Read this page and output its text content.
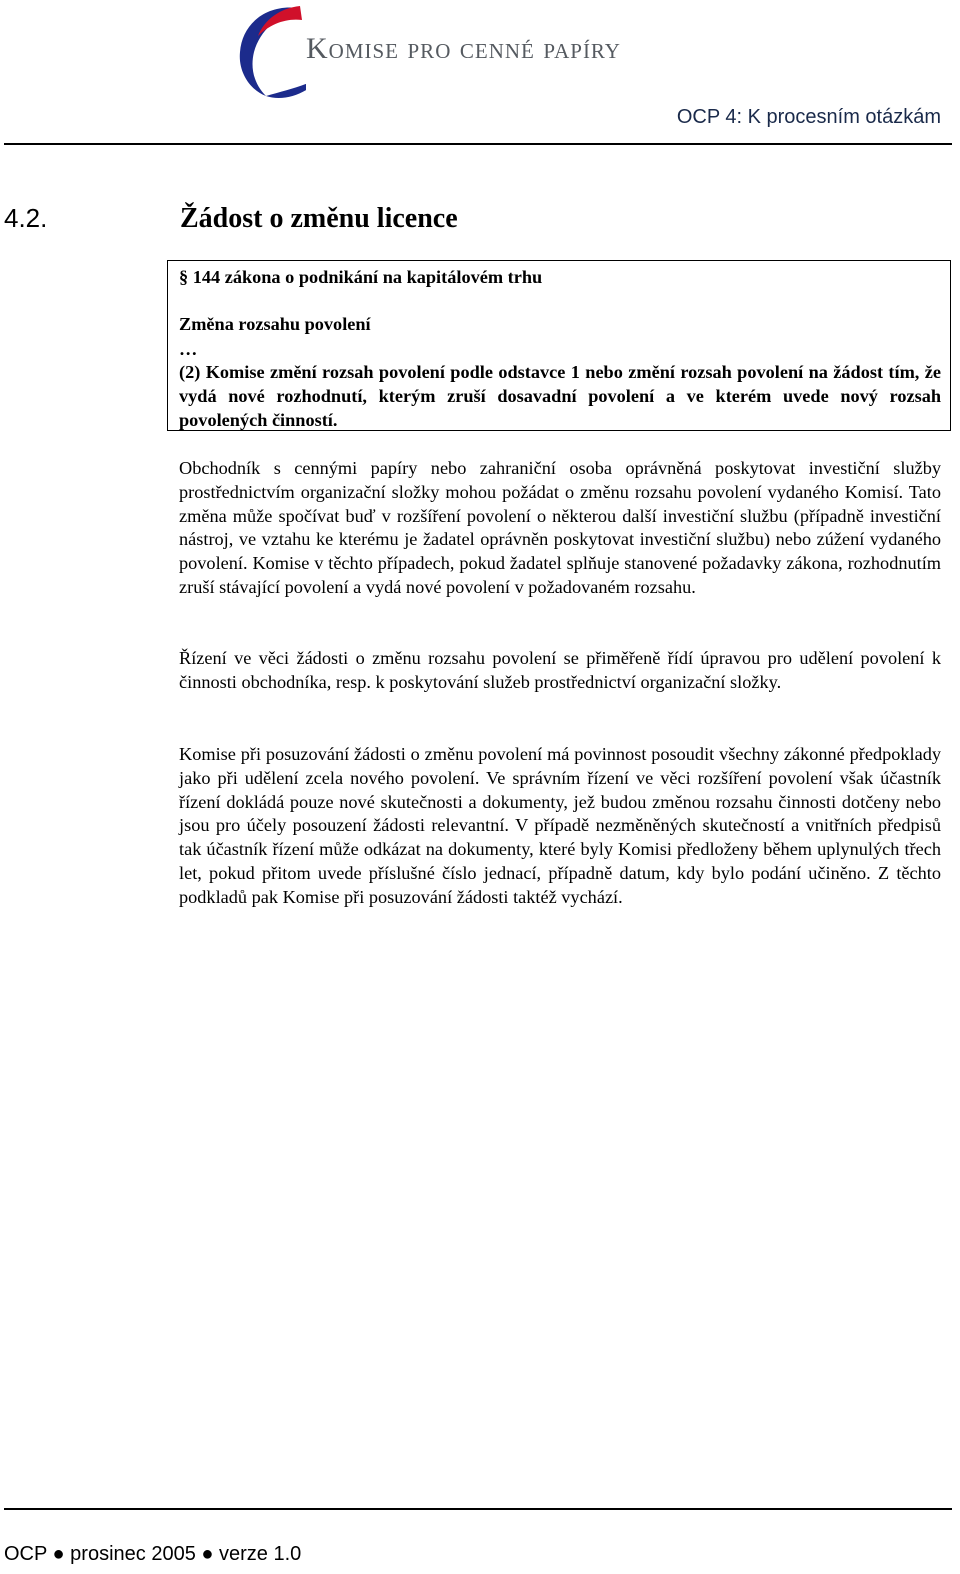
Komise pro cenné papíry
OCP 4: K procesním otázkám
4.2.	Žádost o změnu licence
§ 144 zákona o podnikání na kapitálovém trhu
Změna rozsahu povolení
…
(2) Komise změní rozsah povolení podle odstavce 1 nebo změní rozsah povolení na žádost tím, že vydá nové rozhodnutí, kterým zruší dosavadní povolení a ve kterém uvede nový rozsah povolených činností.
Obchodník s cennými papíry nebo zahraniční osoba oprávněná poskytovat investiční služby prostřednictvím organizační složky mohou požádat o změnu rozsahu povolení vydaného Komisí. Tato změna může spočívat buď v rozšíření povolení o některou další investiční službu (případně investiční nástroj, ve vztahu ke kterému je žadatel oprávněn poskytovat investiční službu) nebo zúžení vydaného povolení. Komise v těchto případech, pokud žadatel splňuje stanovené požadavky zákona, rozhodnutím zruší stávající povolení a vydá nové povolení v požadovaném rozsahu.
Řízení ve věci žádosti o změnu rozsahu povolení se přiměřeně řídí úpravou pro udělení povolení k činnosti obchodníka, resp. k poskytování služeb prostřednictví organizační složky.
Komise při posuzování žádosti o změnu povolení má povinnost posoudit všechny zákonné předpoklady jako při udělení zcela nového povolení. Ve správním řízení ve věci rozšíření povolení však účastník řízení dokládá pouze nové skutečnosti a dokumenty, jež budou změnou rozsahu činnosti dotčeny nebo jsou pro účely posouzení žádosti relevantní. V případě nezměněných skutečností a vnitřních předpisů tak účastník řízení může odkázat na dokumenty, které byly Komisi předloženy během uplynulých třech let, pokud přitom uvede příslušné číslo jednací, případně datum, kdy bylo podání učiněno. Z těchto podkladů pak Komise při posuzování žádosti taktéž vychází.
OCP ● prosinec 2005 ● verze 1.0
